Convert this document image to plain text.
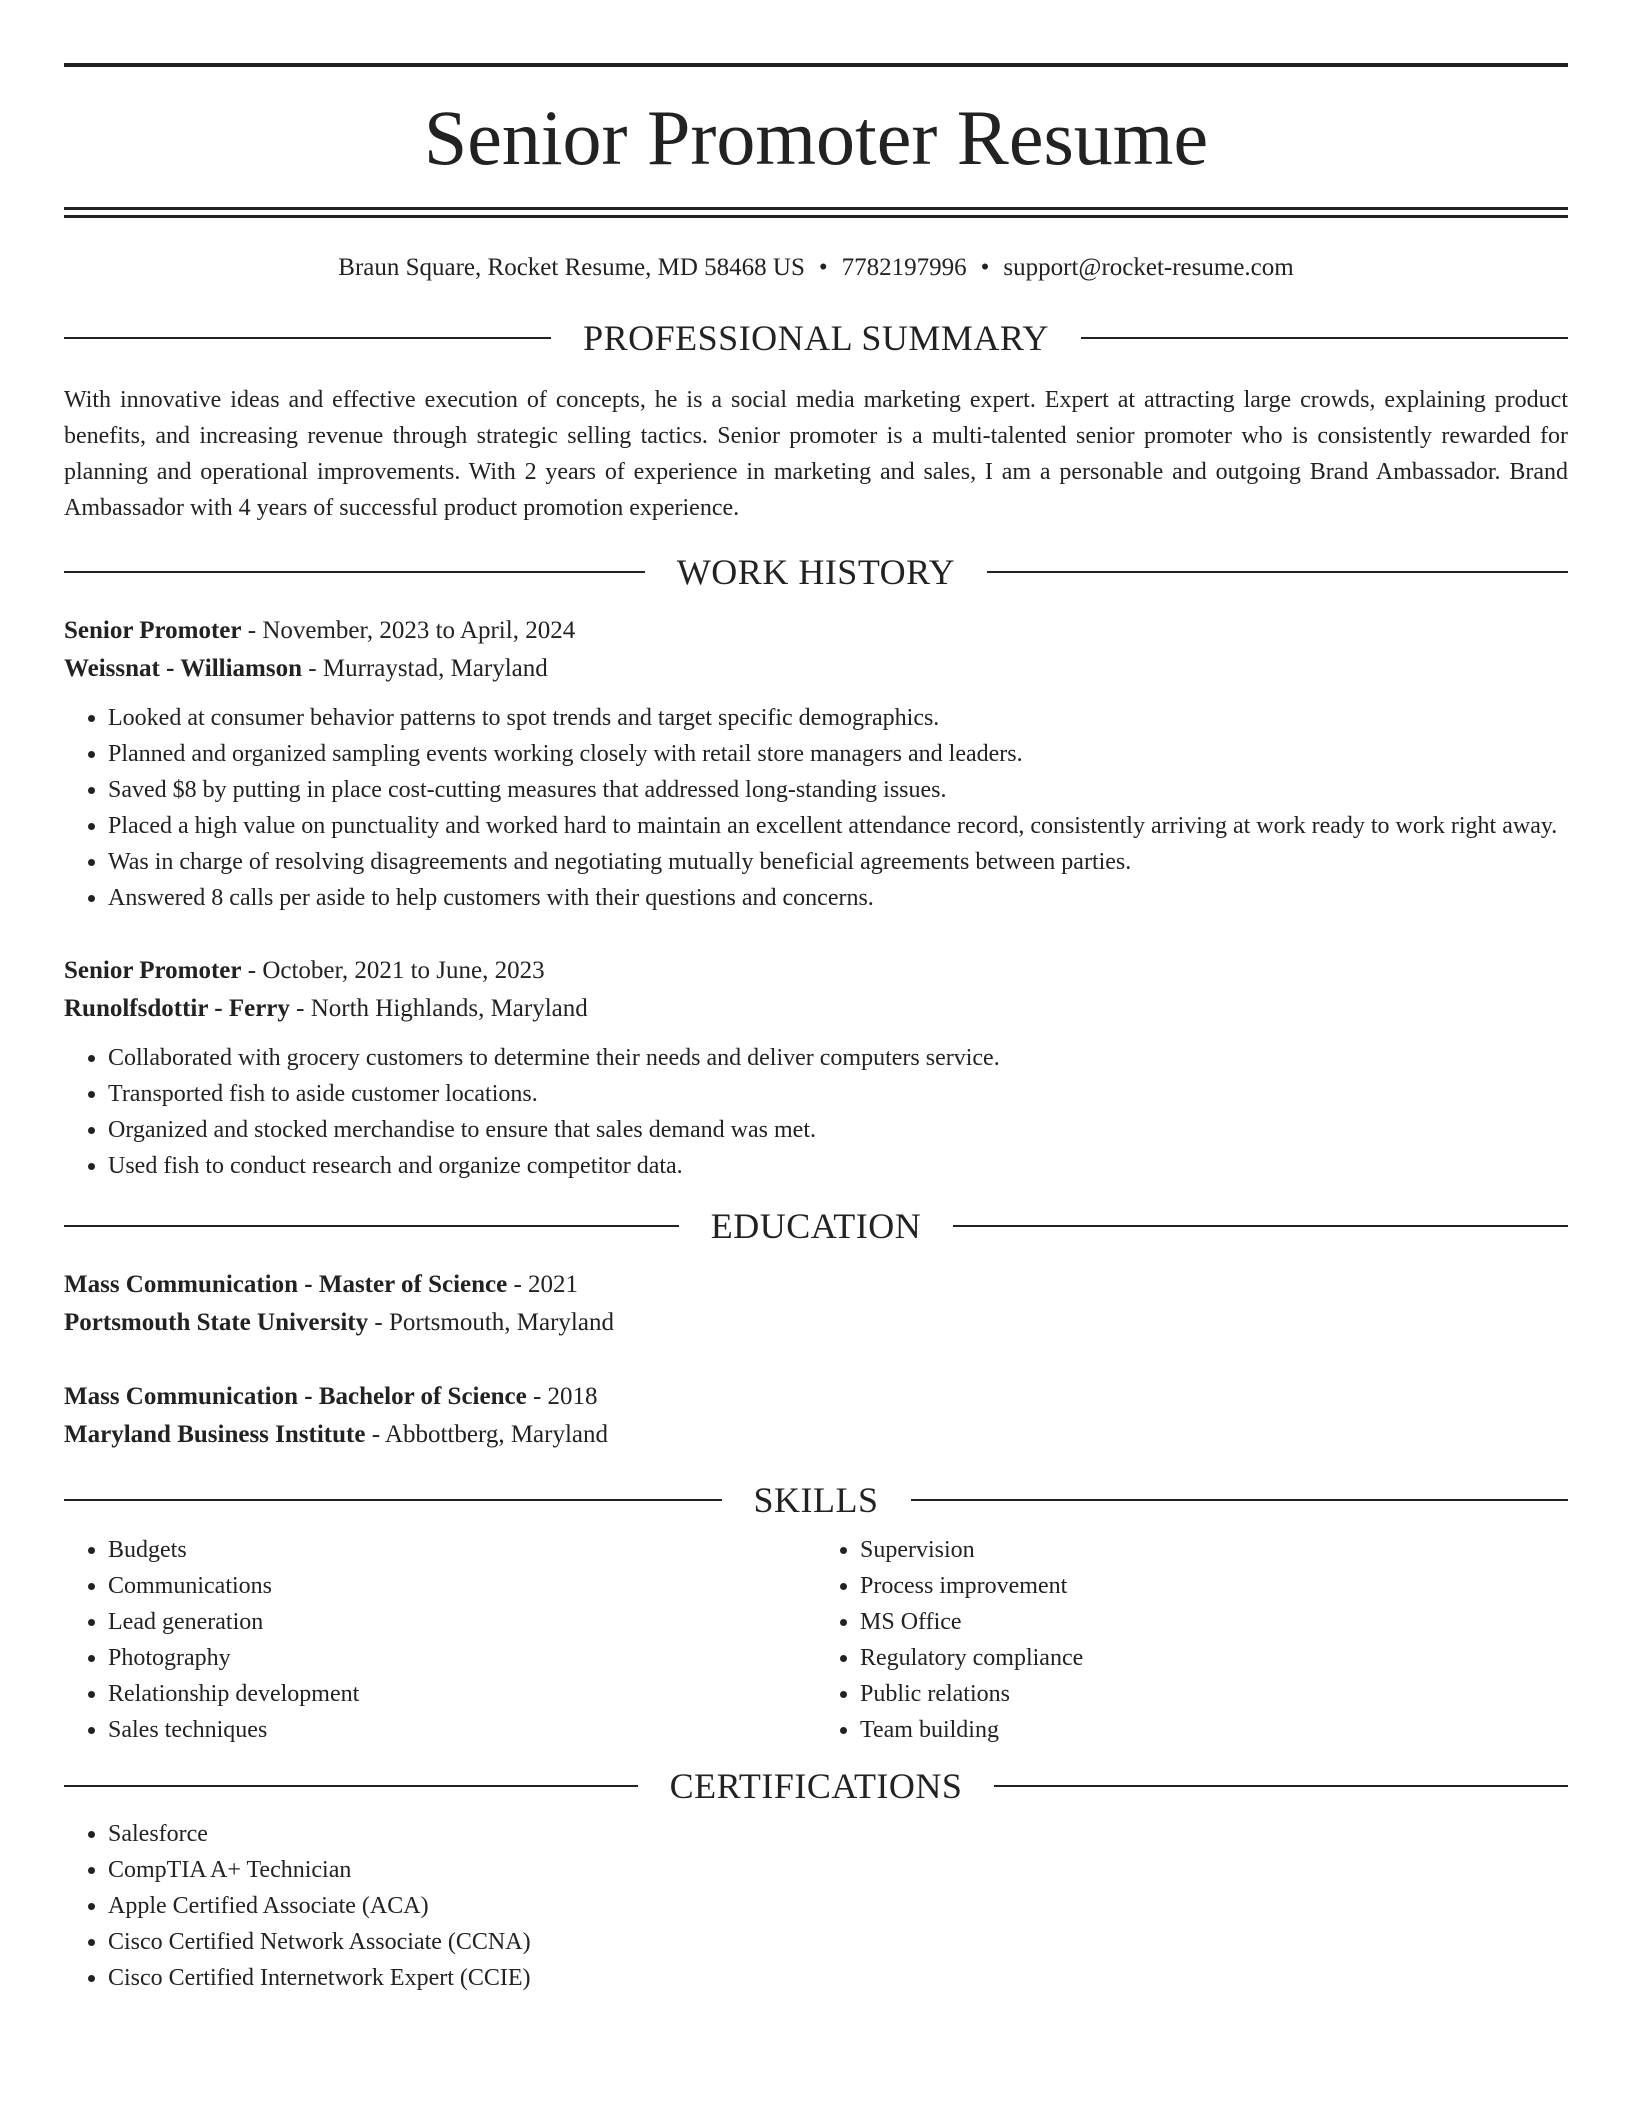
Senior Promoter Resume
Braun Square, Rocket Resume, MD 58468 US • 7782197996 • support@rocket-resume.com
PROFESSIONAL SUMMARY

With innovative ideas and effective execution of concepts, he is a social media marketing expert. Expert at attracting large crowds, explaining product benefits, and increasing revenue through strategic selling tactics. Senior promoter is a multi-talented senior promoter who is consistently rewarded for planning and operational improvements. With 2 years of experience in marketing and sales, I am a personable and outgoing Brand Ambassador. Brand Ambassador with 4 years of successful product promotion experience.

WORK HISTORY
Senior Promoter - November, 2023 to April, 2024
Weissnat - Williamson - Murraystad, Maryland
• Looked at consumer behavior patterns to spot trends and target specific demographics.
• Planned and organized sampling events working closely with retail store managers and leaders.
• Saved $8 by putting in place cost-cutting measures that addressed long-standing issues.
• Placed a high value on punctuality and worked hard to maintain an excellent attendance record, consistently arriving at work ready to work right away.
• Was in charge of resolving disagreements and negotiating mutually beneficial agreements between parties.
• Answered 8 calls per aside to help customers with their questions and concerns.
Senior Promoter - October, 2021 to June, 2023
Runolfsdottir - Ferry - North Highlands, Maryland
• Collaborated with grocery customers to determine their needs and deliver computers service.
• Transported fish to aside customer locations.
• Organized and stocked merchandise to ensure that sales demand was met.
• Used fish to conduct research and organize competitor data.
EDUCATION
Mass Communication - Master of Science - 2021
Portsmouth State University - Portsmouth, Maryland
Mass Communication - Bachelor of Science - 2018
Maryland Business Institute - Abbottberg, Maryland
SKILLS
• Budgets
• Communications
• Lead generation
• Photography
• Relationship development
• Sales techniques
• Supervision
• Process improvement
• MS Office
• Regulatory compliance
• Public relations
• Team building
CERTIFICATIONS
• Salesforce
• CompTIA A+ Technician
• Apple Certified Associate (ACA)
• Cisco Certified Network Associate (CCNA)
• Cisco Certified Internetwork Expert (CCIE)
